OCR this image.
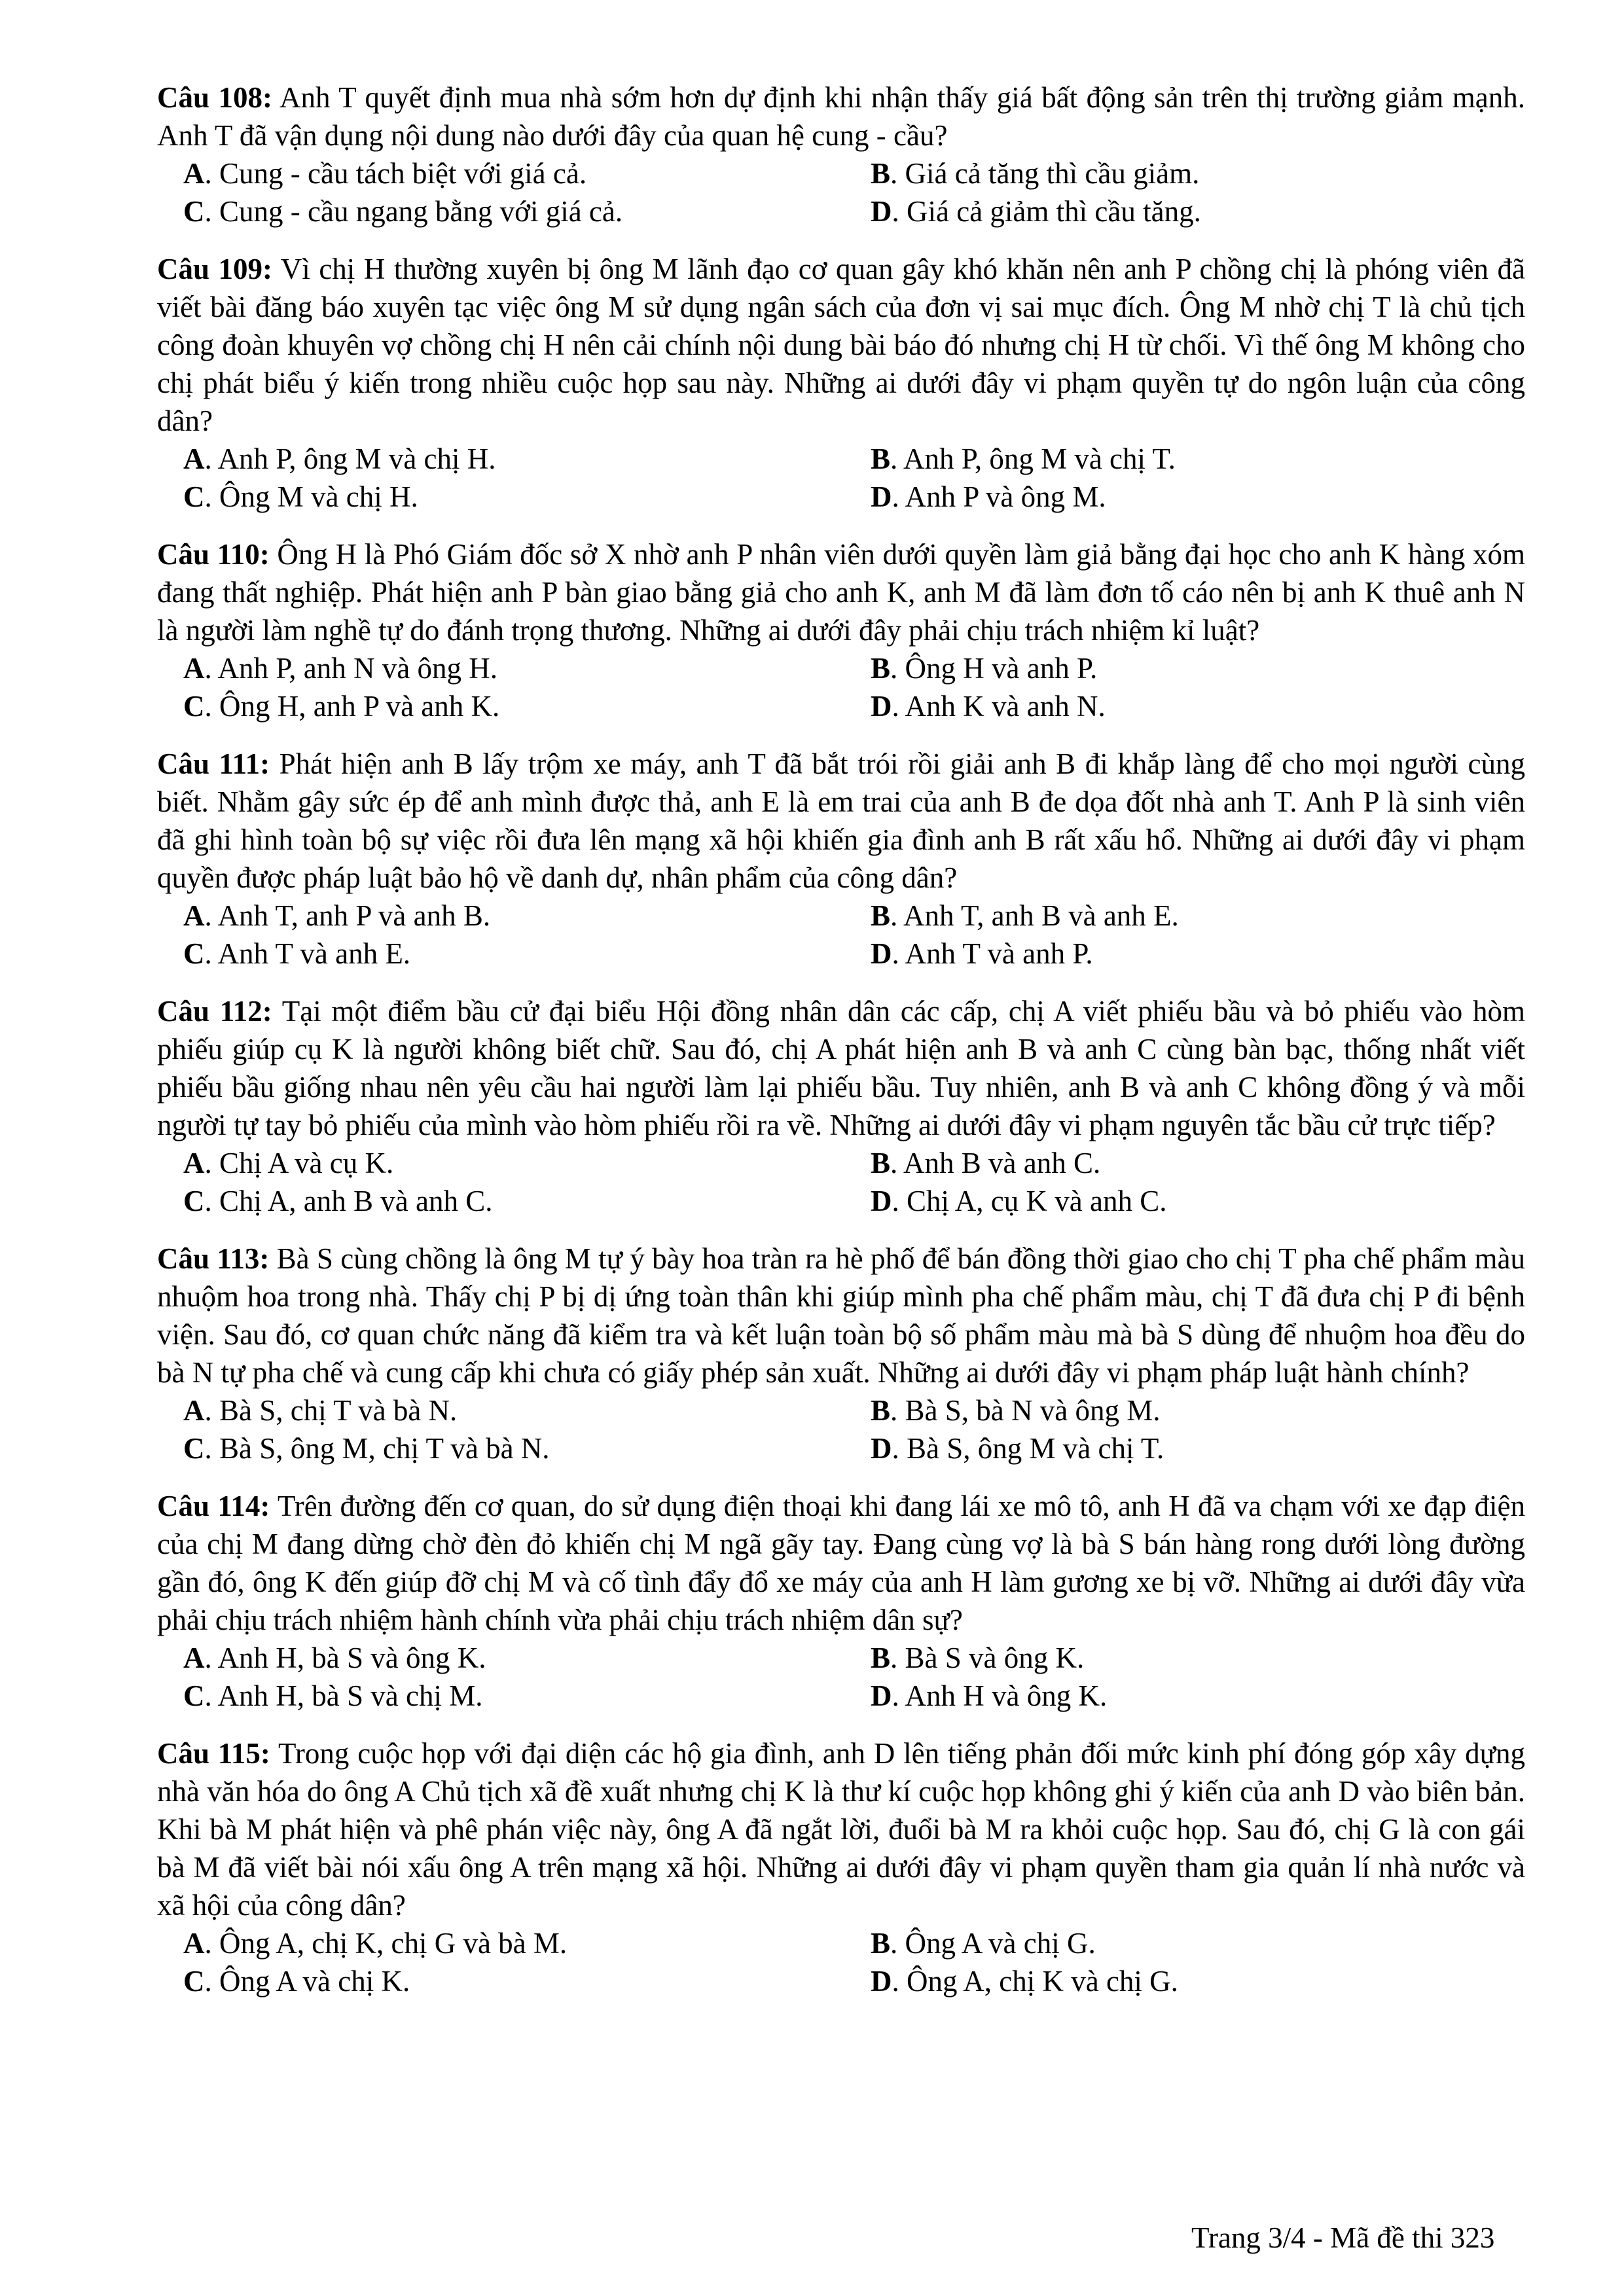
Câu 108: Anh T quyết định mua nhà sớm hơn dự định khi nhận thấy giá bất động sản trên thị trường giảm mạnh. Anh T đã vận dụng nội dung nào dưới đây của quan hệ cung - cầu?

A. Cung - cầu tách biệt với giá cả.	B. Giá cả tăng thì cầu giảm.
C. Cung - cầu ngang bằng với giá cả.	D. Giá cả giảm thì cầu tăng.

Câu 109: Vì chị H thường xuyên bị ông M lãnh đạo cơ quan gây khó khăn nên anh P chồng chị là phóng viên đã viết bài đăng báo xuyên tạc việc ông M sử dụng ngân sách của đơn vị sai mục đích. Ông M nhờ chị T là chủ tịch công đoàn khuyên vợ chồng chị H nên cải chính nội dung bài báo đó nhưng chị H từ chối. Vì thế ông M không cho chị phát biểu ý kiến trong nhiều cuộc họp sau này. Những ai dưới đây vi phạm quyền tự do ngôn luận của công dân?

A. Anh P, ông M và chị H.	B. Anh P, ông M và chị T.
C. Ông M và chị H.	D. Anh P và ông M.

Câu 110: Ông H là Phó Giám đốc sở X nhờ anh P nhân viên dưới quyền làm giả bằng đại học cho anh K hàng xóm đang thất nghiệp. Phát hiện anh P bàn giao bằng giả cho anh K, anh M đã làm đơn tố cáo nên bị anh K thuê anh N là người làm nghề tự do đánh trọng thương. Những ai dưới đây phải chịu trách nhiệm kỉ luật?

A. Anh P, anh N và ông H.	B. Ông H và anh P.
C. Ông H, anh P và anh K.	D. Anh K và anh N.

Câu 111: Phát hiện anh B lấy trộm xe máy, anh T đã bắt trói rồi giải anh B đi khắp làng để cho mọi người cùng biết. Nhằm gây sức ép để anh mình được thả, anh E là em trai của anh B đe dọa đốt nhà anh T. Anh P là sinh viên đã ghi hình toàn bộ sự việc rồi đưa lên mạng xã hội khiến gia đình anh B rất xấu hổ. Những ai dưới đây vi phạm quyền được pháp luật bảo hộ về danh dự, nhân phẩm của công dân?

A. Anh T, anh P và anh B.	B. Anh T, anh B và anh E.
C. Anh T và anh E.	D. Anh T và anh P.

Câu 112: Tại một điểm bầu cử đại biểu Hội đồng nhân dân các cấp, chị A viết phiếu bầu và bỏ phiếu vào hòm phiếu giúp cụ K là người không biết chữ. Sau đó, chị A phát hiện anh B và anh C cùng bàn bạc, thống nhất viết phiếu bầu giống nhau nên yêu cầu hai người làm lại phiếu bầu. Tuy nhiên, anh B và anh C không đồng ý và mỗi người tự tay bỏ phiếu của mình vào hòm phiếu rồi ra về. Những ai dưới đây vi phạm nguyên tắc bầu cử trực tiếp?

A. Chị A và cụ K.	B. Anh B và anh C.
C. Chị A, anh B và anh C.	D. Chị A, cụ K và anh C.

Câu 113: Bà S cùng chồng là ông M tự ý bày hoa tràn ra hè phố để bán đồng thời giao cho chị T pha chế phẩm màu nhuộm hoa trong nhà. Thấy chị P bị dị ứng toàn thân khi giúp mình pha chế phẩm màu, chị T đã đưa chị P đi bệnh viện. Sau đó, cơ quan chức năng đã kiểm tra và kết luận toàn bộ số phẩm màu mà bà S dùng để nhuộm hoa đều do bà N tự pha chế và cung cấp khi chưa có giấy phép sản xuất. Những ai dưới đây vi phạm pháp luật hành chính?

A. Bà S, chị T và bà N.	B. Bà S, bà N và ông M.
C. Bà S, ông M, chị T và bà N.	D. Bà S, ông M và chị T.

Câu 114: Trên đường đến cơ quan, do sử dụng điện thoại khi đang lái xe mô tô, anh H đã va chạm với xe đạp điện của chị M đang dừng chờ đèn đỏ khiến chị M ngã gãy tay. Đang cùng vợ là bà S bán hàng rong dưới lòng đường gần đó, ông K đến giúp đỡ chị M và cố tình đẩy đổ xe máy của anh H làm gương xe bị vỡ. Những ai dưới đây vừa phải chịu trách nhiệm hành chính vừa phải chịu trách nhiệm dân sự?

A. Anh H, bà S và ông K.	B. Bà S và ông K.
C. Anh H, bà S và chị M.	D. Anh H và ông K.

Câu 115: Trong cuộc họp với đại diện các hộ gia đình, anh D lên tiếng phản đối mức kinh phí đóng góp xây dựng nhà văn hóa do ông A Chủ tịch xã đề xuất nhưng chị K là thư kí cuộc họp không ghi ý kiến của anh D vào biên bản. Khi bà M phát hiện và phê phán việc này, ông A đã ngắt lời, đuổi bà M ra khỏi cuộc họp. Sau đó, chị G là con gái bà M đã viết bài nói xấu ông A trên mạng xã hội. Những ai dưới đây vi phạm quyền tham gia quản lí nhà nước và xã hội của công dân?

A. Ông A, chị K, chị G và bà M.	B. Ông A và chị G.
C. Ông A và chị K.	D. Ông A, chị K và chị G.
Trang 3/4 - Mã đề thi 323
